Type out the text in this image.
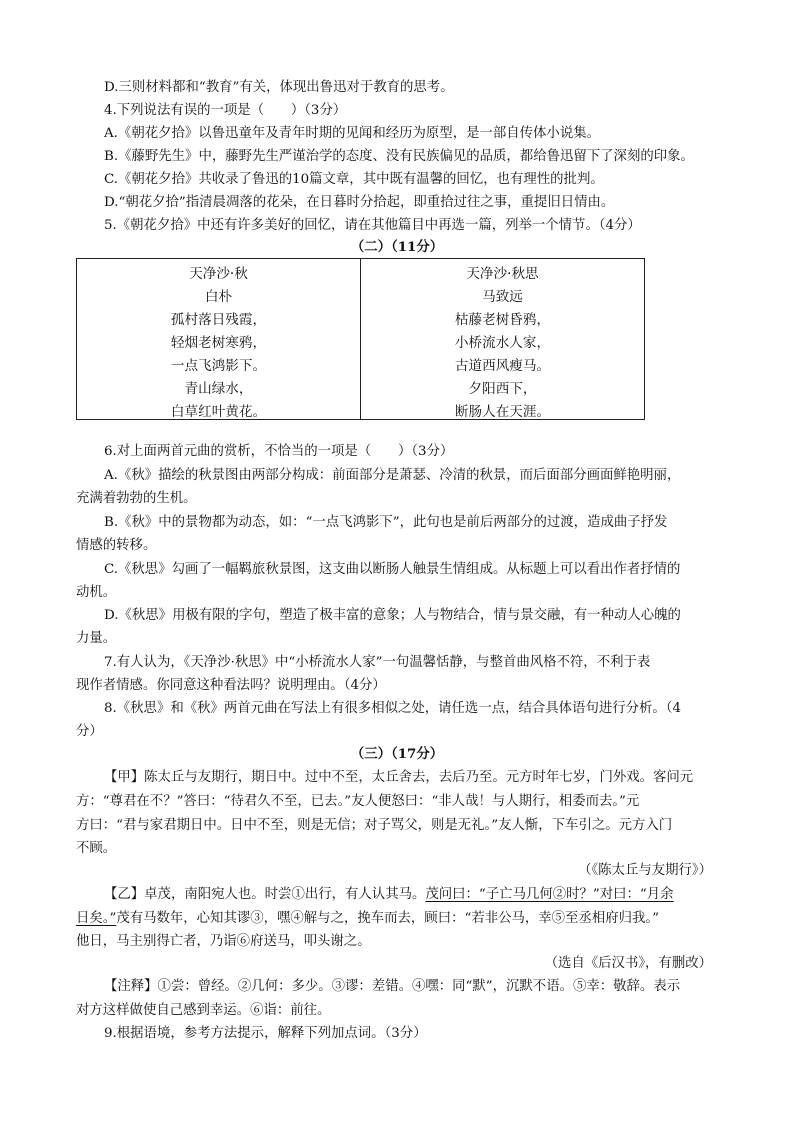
D.三则材料都和“教育”有关，体现出鲁迅对于教育的思考。
4.下列说法有误的一项是（　　）（3分）
A.《朝花夕拾》以鲁迅童年及青年时期的见闻和经历为原型，是一部自传体小说集。
B.《藤野先生》中，藤野先生严谨治学的态度、没有民族偏见的品质，都给鲁迅留下了深刻的印象。
C.《朝花夕拾》共收录了鲁迅的10篇文章，其中既有温馨的回忆，也有理性的批判。
D.“朝花夕拾”指清晨凋落的花朵，在日暮时分拾起，即重拾过往之事，重提旧日情由。
5.《朝花夕拾》中还有许多美好的回忆，请在其他篇目中再选一篇，列举一个情节。（4分）
（二）（11分）
天净沙·秋
白朴
孤村落日残霞，
轻烟老树寒鸦，
一点飞鸿影下。
青山绿水，
白草红叶黄花。
天净沙·秋思
马致远
枯藤老树昏鸦，
小桥流水人家，
古道西风瘦马。
夕阳西下，
断肠人在天涯。
6.对上面两首元曲的赏析，不恰当的一项是（　　）（3分）
A.《秋》描绘的秋景图由两部分构成：前面部分是萧瑟、冷清的秋景，而后面部分画面鲜艳明丽，
充满着勃勃的生机。
B.《秋》中的景物都为动态，如：“一点飞鸿影下”，此句也是前后两部分的过渡，造成曲子抒发
情感的转移。
C.《秋思》勾画了一幅羁旅秋景图，这支曲以断肠人触景生情组成。从标题上可以看出作者抒情的
动机。
D.《秋思》用极有限的字句，塑造了极丰富的意象；人与物结合，情与景交融，有一种动人心魄的
力量。
7.有人认为，《天净沙·秋思》中“小桥流水人家”一句温馨恬静，与整首曲风格不符，不利于表
现作者情感。你同意这种看法吗？说明理由。（4分）
8.《秋思》和《秋》两首元曲在写法上有很多相似之处，请任选一点，结合具体语句进行分析。（4
分）
（三）（17分）
【甲】陈太丘与友期行，期日中。过中不至，太丘舍去，去后乃至。元方时年七岁，门外戏。客问元
方：“尊君在不？”答曰：“待君久不至，已去。”友人便怒曰：“非人哉！与人期行，相委而去。”元
方曰：“君与家君期日中。日中不至，则是无信；对子骂父，则是无礼。”友人惭，下车引之。元方入门
不顾。
（《陈太丘与友期行》）
【乙】卓茂，南阳宛人也。时尝①出行，有人认其马。茂问曰：“子亡马几何②时？”对曰：“月余
日矣。”茂有马数年，心知其谬③，嘿④解与之，挽车而去，顾曰：“若非公马，幸⑤至丞相府归我。”
他日，马主别得亡者，乃诣⑥府送马，叩头谢之。
（选自《后汉书》，有删改）
【注释】①尝：曾经。②几何：多少。③谬：差错。④嘿：同“默”，沉默不语。⑤幸：敬辞。表示
对方这样做使自己感到幸运。⑥诣：前往。
9.根据语境，参考方法提示，解释下列加点词。（3分）
